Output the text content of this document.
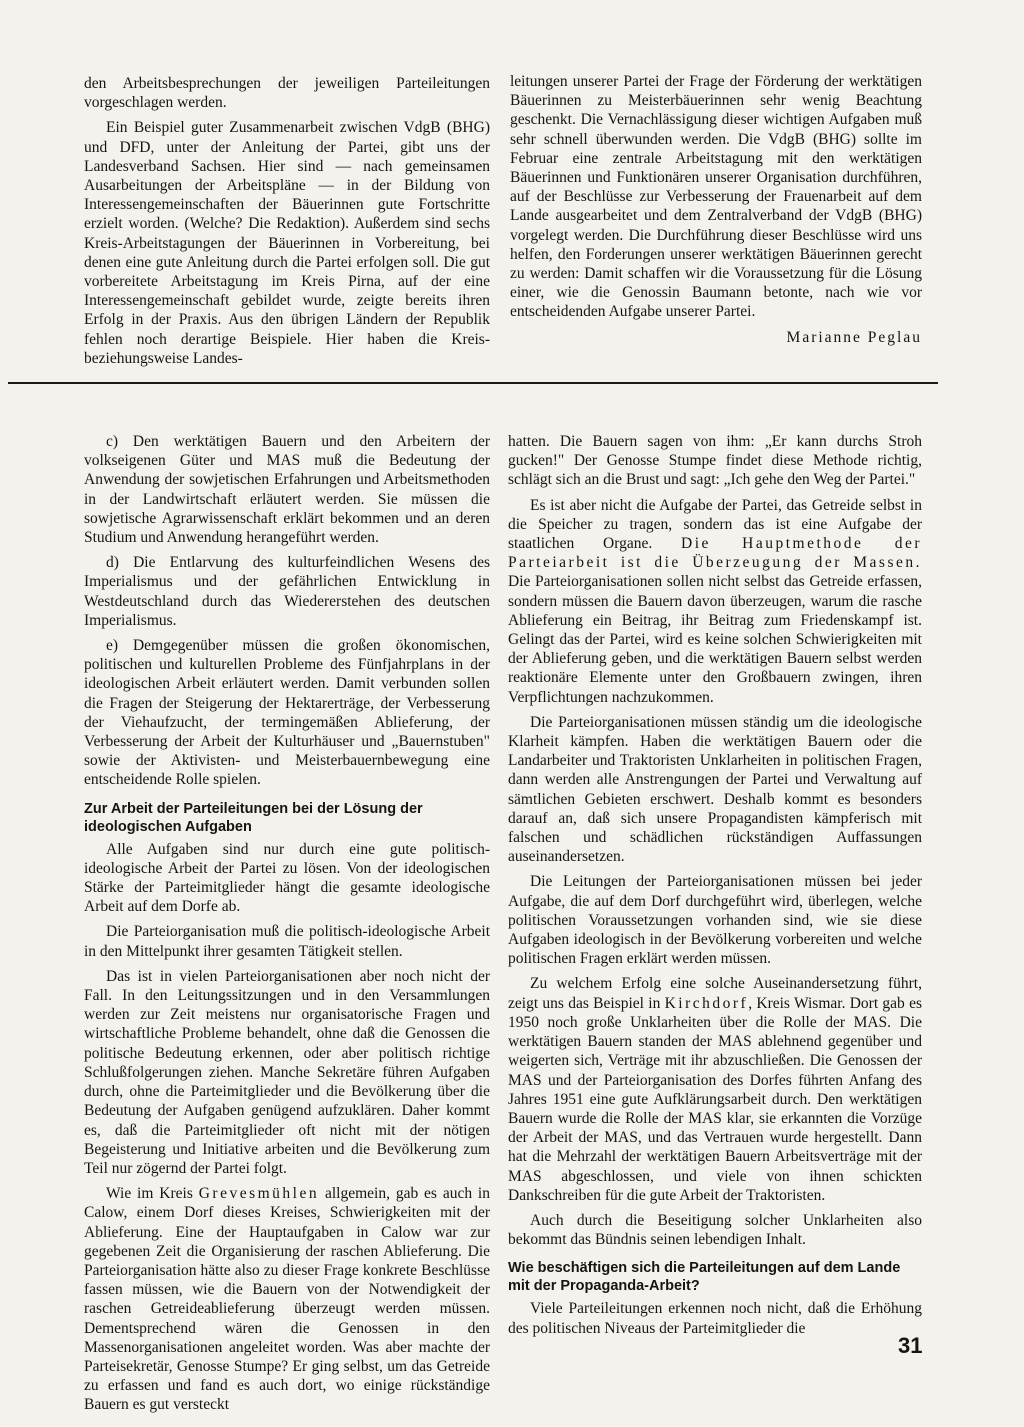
den Arbeitsbesprechungen der jeweiligen Parteileitungen vorgeschlagen werden.

Ein Beispiel guter Zusammenarbeit zwischen VdgB (BHG) und DFD, unter der Anleitung der Partei, gibt uns der Landesverband Sachsen. Hier sind — nach gemeinsamen Ausarbeitungen der Arbeitspläne — in der Bildung von Interessengemeinschaften der Bäuerinnen gute Fortschritte erzielt worden. (Welche? Die Redaktion). Außerdem sind sechs Kreis-Arbeitstagungen der Bäuerinnen in Vorbereitung, bei denen eine gute Anleitung durch die Partei erfolgen soll. Die gut vorbereitete Arbeitstagung im Kreis Pirna, auf der eine Interessengemeinschaft gebildet wurde, zeigte bereits ihren Erfolg in der Praxis. Aus den übrigen Ländern der Republik fehlen noch derartige Beispiele. Hier haben die Kreis- beziehungsweise Landes-

leitungen unserer Partei der Frage der Förderung der werktätigen Bäuerinnen zu Meisterbäuerinnen sehr wenig Beachtung geschenkt. Die Vernachlässigung dieser wichtigen Aufgaben muß sehr schnell überwunden werden. Die VdgB (BHG) sollte im Februar eine zentrale Arbeitstagung mit den werktätigen Bäuerinnen und Funktionären unserer Organisation durchführen, auf der Beschlüsse zur Verbesserung der Frauenarbeit auf dem Lande ausgearbeitet und dem Zentralverband der VdgB (BHG) vorgelegt werden. Die Durchführung dieser Beschlüsse wird uns helfen, den Forderungen unserer werktätigen Bäuerinnen gerecht zu werden: Damit schaffen wir die Voraussetzung für die Lösung einer, wie die Genossin Baumann betonte, nach wie vor entscheidenden Aufgabe unserer Partei.

Marianne Peglau

c) Den werktätigen Bauern und den Arbeitern der volkseigenen Güter und MAS muß die Bedeutung der Anwendung der sowjetischen Erfahrungen und Arbeitsmethoden in der Landwirtschaft erläutert werden. Sie müssen die sowjetische Agrarwissenschaft erklärt bekommen und an deren Studium und Anwendung herangeführt werden.

d) Die Entlarvung des kulturfeindlichen Wesens des Imperialismus und der gefährlichen Entwicklung in Westdeutschland durch das Wiedererstehen des deutschen Imperialismus.

e) Demgegenüber müssen die großen ökonomischen, politischen und kulturellen Probleme des Fünfjahrplans in der ideologischen Arbeit erläutert werden. Damit verbunden sollen die Fragen der Steigerung der Hektarerträge, der Verbesserung der Viehaufzucht, der termingemäßen Ablieferung, der Verbesserung der Arbeit der Kulturhäuser und „Bauernstuben" sowie der Aktivisten- und Meisterbauernbewegung eine entscheidende Rolle spielen.

Zur Arbeit der Parteileitungen bei der Lösung der ideologischen Aufgaben

Alle Aufgaben sind nur durch eine gute politisch-ideologische Arbeit der Partei zu lösen. Von der ideologischen Stärke der Parteimitglieder hängt die gesamte ideologische Arbeit auf dem Dorfe ab.

Die Parteiorganisation muß die politisch-ideologische Arbeit in den Mittelpunkt ihrer gesamten Tätigkeit stellen.

Das ist in vielen Parteiorganisationen aber noch nicht der Fall. In den Leitungssitzungen und in den Versammlungen werden zur Zeit meistens nur organisatorische Fragen und wirtschaftliche Probleme behandelt, ohne daß die Genossen die politische Bedeutung erkennen, oder aber politisch richtige Schlußfolgerungen ziehen. Manche Sekretäre führen Aufgaben durch, ohne die Parteimitglieder und die Bevölkerung über die Bedeutung der Aufgaben genügend aufzuklären. Daher kommt es, daß die Parteimitglieder oft nicht mit der nötigen Begeisterung und Initiative arbeiten und die Bevölkerung zum Teil nur zögernd der Partei folgt.

Wie im Kreis Grevesmühlen allgemein, gab es auch in Calow, einem Dorf dieses Kreises, Schwierigkeiten mit der Ablieferung. Eine der Hauptaufgaben in Calow war zur gegebenen Zeit die Organisierung der raschen Ablieferung. Die Parteiorganisation hätte also zu dieser Frage konkrete Beschlüsse fassen müssen, wie die Bauern von der Notwendigkeit der raschen Getreideablieferung überzeugt werden müssen. Dementsprechend wären die Genossen in den Massenorganisationen angeleitet worden. Was aber machte der Parteisekretär, Genosse Stumpe? Er ging selbst, um das Getreide zu erfassen und fand es auch dort, wo einige rückständige Bauern es gut versteckt

hatten. Die Bauern sagen von ihm: „Er kann durchs Stroh gucken!" Der Genosse Stumpe findet diese Methode richtig, schlägt sich an die Brust und sagt: „Ich gehe den Weg der Partei."

Es ist aber nicht die Aufgabe der Partei, das Getreide selbst in die Speicher zu tragen, sondern das ist eine Aufgabe der staatlichen Organe. Die Hauptmethode der Parteiarbeit ist die Überzeugung der Massen. Die Parteiorganisationen sollen nicht selbst das Getreide erfassen, sondern müssen die Bauern davon überzeugen, warum die rasche Ablieferung ein Beitrag, ihr Beitrag zum Friedenskampf ist. Gelingt das der Partei, wird es keine solchen Schwierigkeiten mit der Ablieferung geben, und die werktätigen Bauern selbst werden reaktionäre Elemente unter den Großbauern zwingen, ihren Verpflichtungen nachzukommen.

Die Parteiorganisationen müssen ständig um die ideologische Klarheit kämpfen. Haben die werktätigen Bauern oder die Landarbeiter und Traktoristen Unklarheiten in politischen Fragen, dann werden alle Anstrengungen der Partei und Verwaltung auf sämtlichen Gebieten erschwert. Deshalb kommt es besonders darauf an, daß sich unsere Propagandisten kämpferisch mit falschen und schädlichen rückständigen Auffassungen auseinandersetzen.

Die Leitungen der Parteiorganisationen müssen bei jeder Aufgabe, die auf dem Dorf durchgeführt wird, überlegen, welche politischen Voraussetzungen vorhanden sind, wie sie diese Aufgaben ideologisch in der Bevölkerung vorbereiten und welche politischen Fragen erklärt werden müssen.

Zu welchem Erfolg eine solche Auseinandersetzung führt, zeigt uns das Beispiel in Kirchdorf, Kreis Wismar. Dort gab es 1950 noch große Unklarheiten über die Rolle der MAS. Die werktätigen Bauern standen der MAS ablehnend gegenüber und weigerten sich, Verträge mit ihr abzuschließen. Die Genossen der MAS und der Parteiorganisation des Dorfes führten Anfang des Jahres 1951 eine gute Aufklärungsarbeit durch. Den werktätigen Bauern wurde die Rolle der MAS klar, sie erkannten die Vorzüge der Arbeit der MAS, und das Vertrauen wurde hergestellt. Dann hat die Mehrzahl der werktätigen Bauern Arbeitsverträge mit der MAS abgeschlossen, und viele von ihnen schickten Dankschreiben für die gute Arbeit der Traktoristen.

Auch durch die Beseitigung solcher Unklarheiten also bekommt das Bündnis seinen lebendigen Inhalt.

Wie beschäftigen sich die Parteileitungen auf dem Lande mit der Propaganda-Arbeit?

Viele Parteileitungen erkennen noch nicht, daß die Erhöhung des politischen Niveaus der Parteimitglieder die

31
